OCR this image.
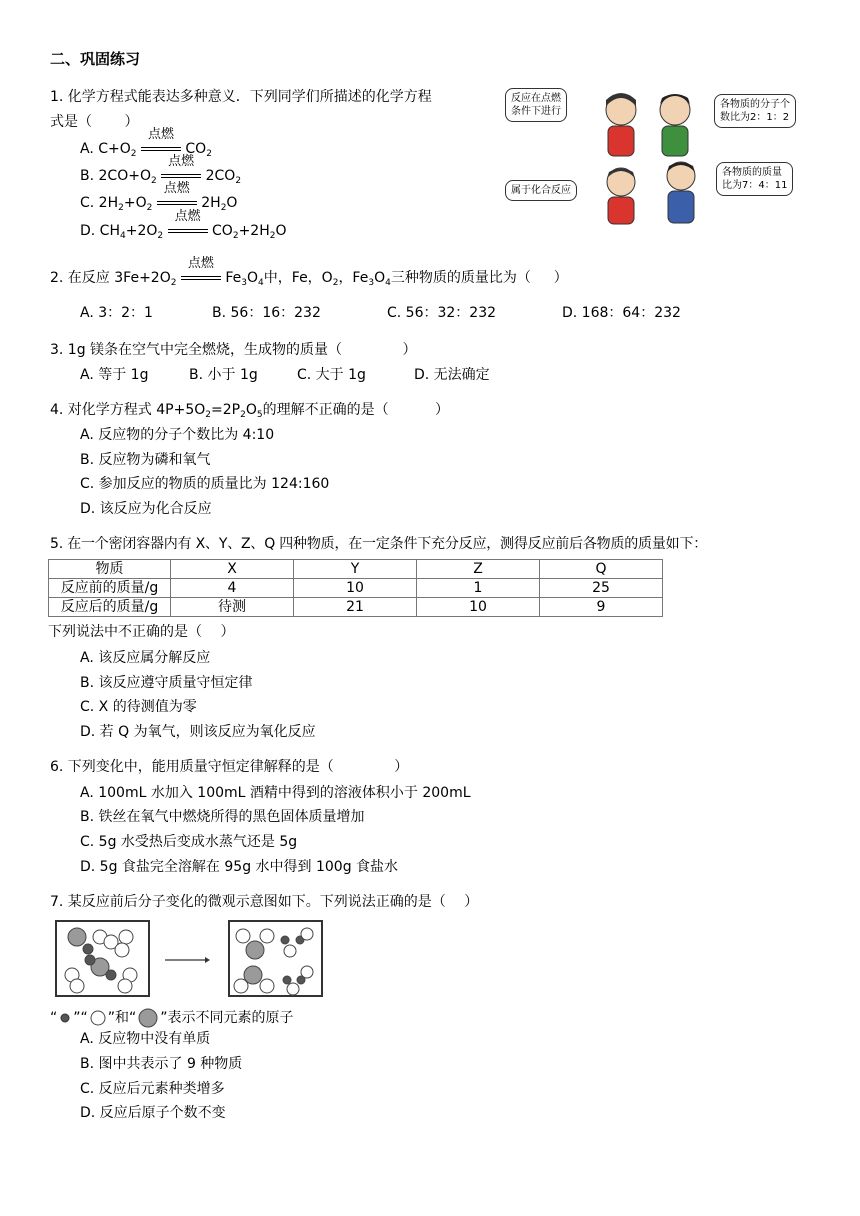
二、巩固练习
1. 化学方程式能表达多种意义．下列同学们所描述的化学方程
式是（ 　　）
A. $C+O_2$
点燃
$CO_2$
B. $2CO+O_2$
点燃
$2CO_2$
C. $2H_2+O_2$
点燃
$2H_2O$
D. $CH_4+2O_2$
点燃
$CO_2+2H_2O$
反应在点燃
条件下进行
各物质的分子个
数比为2：1：2
属于化合反应
各物质的质量
比为7：4：11
2. 在反应 $3Fe+2O_2$
点燃
$Fe_3O_4$中，Fe，$O_2$，$Fe_3O_4$三种物质的质量比为（ 　 ）
A. 3：2：1	B. 56：16：232	C. 56：32：232	D. 168：64：232
3. 1g 镁条在空气中完全燃烧，生成物的质量（ 　　　　）
A. 等于 1g	B. 小于 1g	C. 大于 1g	D. 无法确定
4. 对化学方程式 $4P+5O_2=2P_2O_5$的理解不正确的是（ 　　　）
A. 反应物的分子个数比为 4:10
B. 反应物为磷和氧气
C. 参加反应的物质的质量比为 124:160
D. 该反应为化合反应
5. 在一个密闭容器内有 X、Y、Z、Q 四种物质，在一定条件下充分反应，测得反应前后各物质的质量如下：
物质	X	Y	Z	Q
反应前的质量/g	4	10	1	25
反应后的质量/g	待测	21	10	9
下列说法中不正确的是（ 　）
A. 该反应属分解反应
B. 该反应遵守质量守恒定律
C. X 的待测值为零
D. 若 Q 为氧气，则该反应为氧化反应
6. 下列变化中，能用质量守恒定律解释的是（ 　　　　）
A. 100mL 水加入 100mL 酒精中得到的溶液体积小于 200mL
B. 铁丝在氧气中燃烧所得的黑色固体质量增加
C. 5g 水受热后变成水蒸气还是 5g
D. 5g 食盐完全溶解在 95g 水中得到 100g 食盐水
7. 某反应前后分子变化的微观示意图如下。下列说法正确的是（ 　）
“ ”“ ”和“ ”表示不同元素的原子
A. 反应物中没有单质
B. 图中共表示了 9 种物质
C. 反应后元素种类增多
D. 反应后原子个数不变
